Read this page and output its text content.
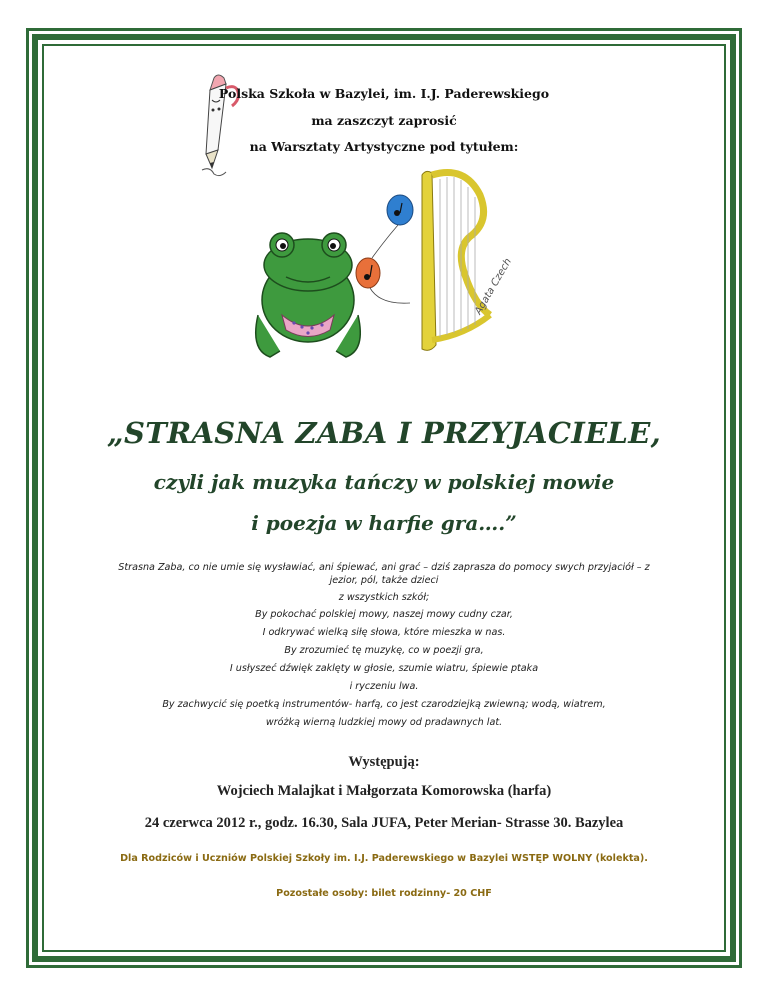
Polska Szkoła w Bazylei, im. I.J. Paderewskiego
ma zaszczyt zaprosić
na Warsztaty Artystyczne pod tytułem:
Agata Czech
„STRASNA ZABA I PRZYJACIELE,
czyli jak muzyka tańczy w polskiej mowie
i poezja w harfie gra….”
Strasna Zaba, co nie umie się wysławiać, ani śpiewać, ani grać – dziś zaprasza do pomocy swych przyjaciół – z
jezior, pól, także dzieci
z wszystkich szkół;
By pokochać polskiej mowy, naszej mowy cudny czar,
I odkrywać wielką siłę słowa, które mieszka w nas.
By zrozumieć tę muzykę, co w poezji gra,
I usłyszeć dźwięk zaklęty w głosie, szumie wiatru, śpiewie ptaka
i ryczeniu lwa.
By zachwycić się poetką instrumentów- harfą, co jest czarodziejką zwiewną; wodą, wiatrem,
wróżką wierną ludzkiej mowy od pradawnych lat.
Występują:
Wojciech Malajkat i Małgorzata Komorowska (harfa)
24 czerwca 2012 r., godz. 16.30, Sala JUFA, Peter Merian- Strasse 30. Bazylea
Dla Rodziców i Uczniów Polskiej Szkoły im. I.J. Paderewskiego w Bazylei WSTĘP WOLNY (kolekta).
Pozostałe osoby: bilet rodzinny- 20 CHF
